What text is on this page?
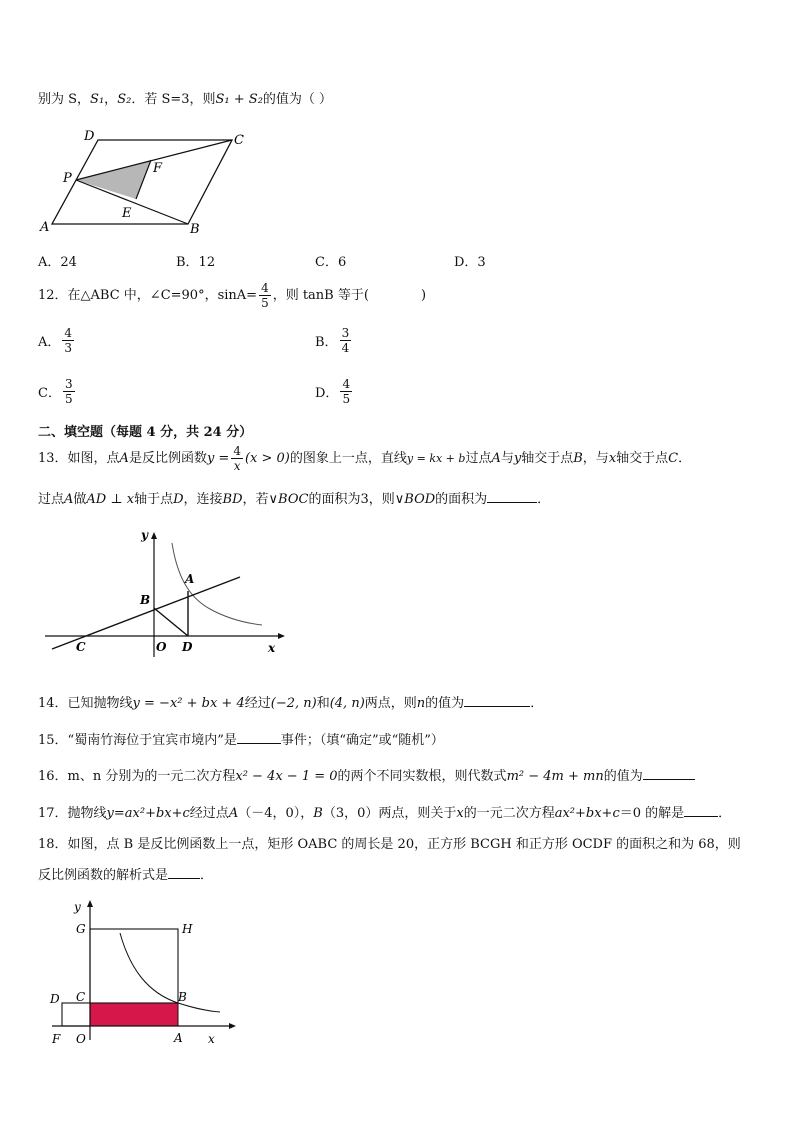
别为 S，S₁，S₂．若 S=3，则S₁ + S₂的值为（ ）
D	C
P
F
E
A	B
A．24	B．12	C．6	D．3
12．在△ABC 中，∠C=90°，$\sin A= \frac{4}{5}$ ，则 tanB 等于(　　　　)
A． $\frac{4}{3}$	B． $\frac{3}{4}$
C． $\frac{3}{5}$	D． $\frac{4}{5}$
二、填空题（每题 4 分，共 24 分）
13．如图，点A是反比例函数$y = \frac{4}{x} (x > 0)$的图象上一点，直线y = kx + b过点A与y轴交于点B，与x轴交于点C．
过点A做AD ⊥ x轴于点D，连接BD，若∨BOC的面积为3，则∨BOD的面积为	．
y
A
B
C	O D	x
14．已知抛物线y = −x² + bx + 4经过(−2, n)和(4, n)两点，则n的值为	．
15．“蜀南竹海位于宜宾市境内”是	事件；（填“确定”或“随机”）
16．m、n 分别为的一元二次方程x² − 4x − 1 = 0的两个不同实数根，则代数式m² − 4m + mn的值为
17．抛物线y=ax²+bx+c经过点A（－4，0），B（3，0）两点，则关于x的一元二次方程ax²+bx+c＝0 的解是	．
18．如图，点 B 是反比例函数上一点，矩形 OABC 的周长是 20，正方形 BCGH 和正方形 OCDF 的面积之和为 68，则
反比例函数的解析式是 ．
y
G	H
D C	B
F O	A x
